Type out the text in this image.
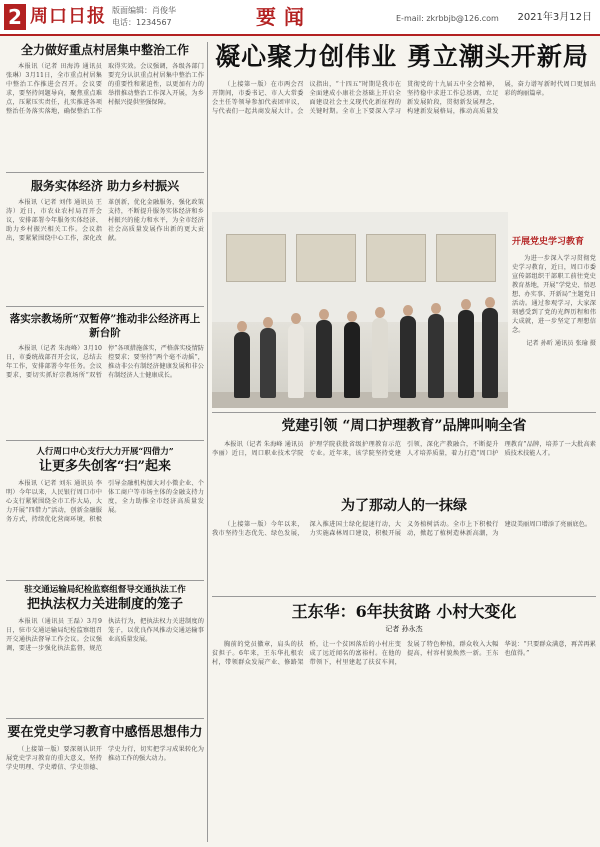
2 周口日报 版面编辑：肖俊华
电话：1234567	要闻	E-mail: zkrbbjb@126.com 2021年3月12日
全力做好重点村居集中整治工作

本报讯（记者 田海涛 通讯员 张琳）3月11日，全市重点村居集中整治工作推进会召开。会议要求，要坚持问题导向，聚焦重点难点，压紧压实责任，扎实推进各项整治任务落实落地，确保整治工作取得实效。会议强调，各级各部门要充分认识重点村居集中整治工作的重要性和紧迫性，以更加有力的举措推动整治工作深入开展，为乡村振兴提供坚强保障。

服务实体经济 助力乡村振兴

本报讯（记者 刘伟 通讯员 王涛）近日，市农业农村局召开会议，安排部署今年服务实体经济、助力乡村振兴相关工作。会议指出，要紧紧围绕中心工作，深化改革创新，优化金融服务，强化政策支持，不断提升服务实体经济和乡村振兴的能力和水平，为全市经济社会高质量发展作出新的更大贡献。

落实宗教场所“双暂停”推动非公经济再上新台阶

本报讯（记者 朱海峰）3月10日，市委统战部召开会议，总结去年工作，安排部署今年任务。会议要求，要切实抓好宗教场所“双暂停”各项措施落实，严格落实疫情防控要求；要坚持“两个毫不动摇”，推动非公有制经济健康发展和非公有制经济人士健康成长。

人行周口中心支行大力开展“四借力”
让更多失创客“扫”起来

本报讯（记者 刘东 通讯员 李明）今年以来，人民银行周口市中心支行紧紧围绕全市工作大局，大力开展“四借力”活动，创新金融服务方式，持续优化营商环境，积极引导金融机构加大对小微企业、个体工商户等市场主体的金融支持力度，全力助推全市经济高质量发展。

驻交通运输局纪检监察组督导交通执法工作
把执法权力关进制度的笼子

本报讯（通讯员 王磊）3月9日，驻市交通运输局纪检监察组召开交通执法督导工作会议。会议强调，要进一步强化执法监督，规范执法行为，把执法权力关进制度的笼子，以优良作风推动交通运输事业高质量发展。

要在党史学习教育中感悟思想伟力

（上接第一版）要深刻认识开展党史学习教育的重大意义，坚持学史明理、学史增信、学史崇德、学史力行，切实把学习成果转化为推动工作的强大动力。

凝心聚力创伟业 勇立潮头开新局

（上接第一版）在市两会召开期间，市委书记、市人大常委会主任等领导参加代表团审议，与代表们一起共商发展大计。会议指出，“十四五”时期是我市在全面建成小康社会基础上开启全面建设社会主义现代化新征程的关键时期。全市上下要深入学习贯彻党的十九届五中全会精神，坚持稳中求进工作总基调，立足新发展阶段，贯彻新发展理念，构建新发展格局，推动高质量发展，奋力谱写新时代周口更加出彩的绚丽篇章。

开展党史学习教育

为进一步深入学习贯彻党史学习教育，近日，周口市委宣传部组织干部职工前往党史教育基地，开展“学党史、悟思想、办实事、开新局”主题党日活动。通过参观学习，大家深刻感受到了党的光辉历程和伟大成就，进一步坚定了理想信念。

记者 孙昕 通讯员 张瑜 摄
党建引领 “周口护理教育”品牌叫响全省

本报讯（记者 朱海峰 通讯员 李丽）近日，周口职业技术学院护理学院获批省级护理教育示范专业。近年来，该学院坚持党建引领，深化产教融合，不断提升人才培养质量，着力打造“周口护理教育”品牌，培养了一大批高素质技术技能人才。

为了那动人的一抹绿

（上接第一版）今年以来，我市坚持生态优先、绿色发展，深入推进国土绿化提速行动，大力实施森林周口建设，积极开展义务植树活动。全市上下积极行动，掀起了植树造林新高潮，为建设美丽周口增添了亮丽底色。

王东华：6年扶贫路 小村大变化
记者 孙永杰

胸前的党员徽章，肩头的扶贫担子。6年来，王东华扎根农村，带领群众发展产业、修路架桥，让一个贫困落后的小村庄变成了远近闻名的富裕村。在他的带领下，村里建起了扶贫车间，发展了特色种植，群众收入大幅提高，村容村貌焕然一新。王东华说：“只要群众满意，再苦再累也值得。”
